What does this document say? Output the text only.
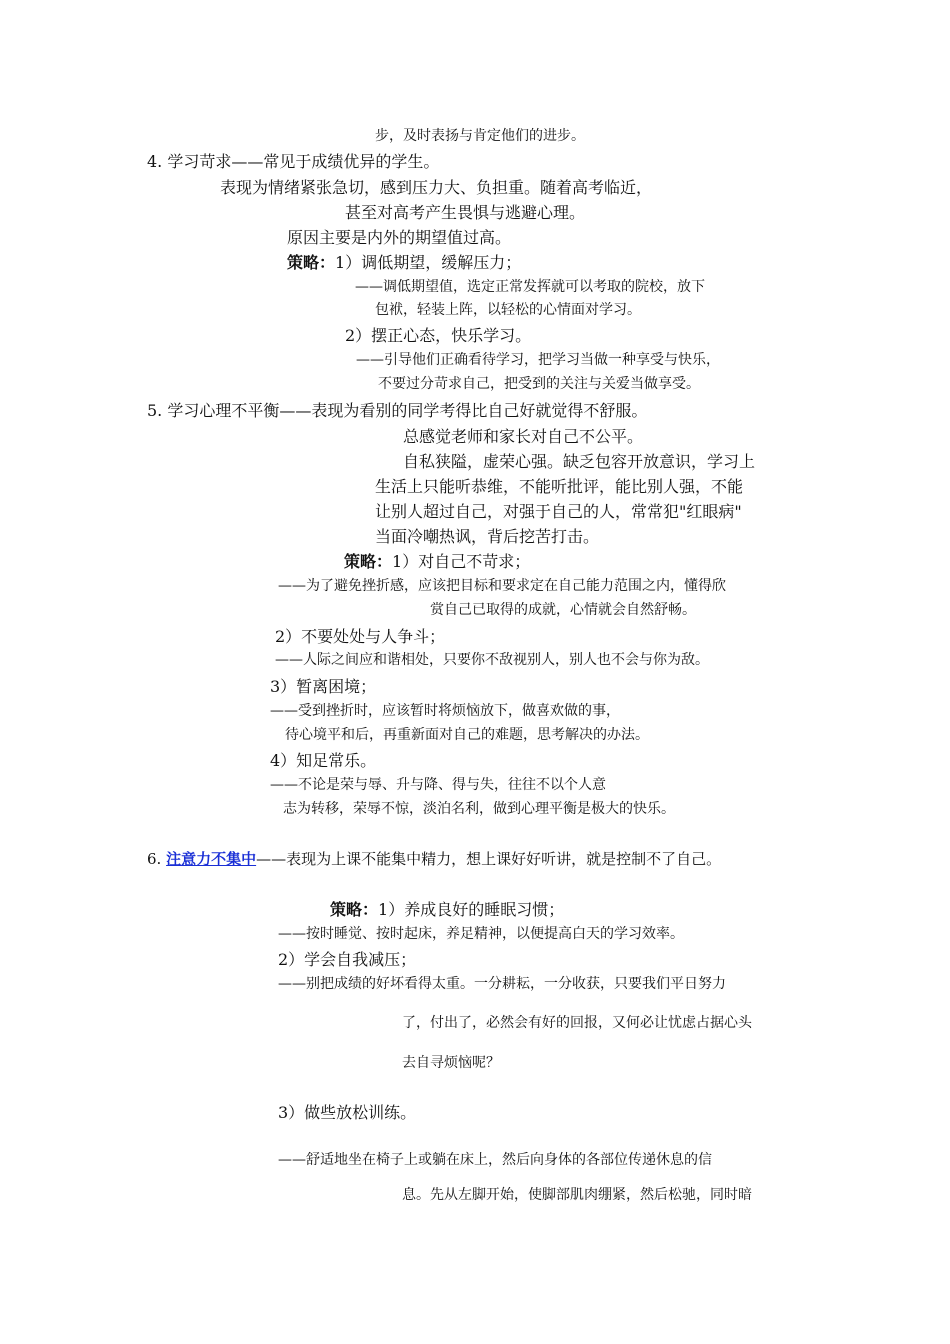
步，及时表扬与肯定他们的进步。
4. 学习苛求——常见于成绩优异的学生。
表现为情绪紧张急切，感到压力大、负担重。随着高考临近，
甚至对高考产生畏惧与逃避心理。
原因主要是内外的期望值过高。
策略：1）调低期望，缓解压力；
——调低期望值，选定正常发挥就可以考取的院校，放下
包袱，轻装上阵，以轻松的心情面对学习。
2）摆正心态，快乐学习。
——引导他们正确看待学习，把学习当做一种享受与快乐，
不要过分苛求自己，把受到的关注与关爱当做享受。
5. 学习心理不平衡——表现为看别的同学考得比自己好就觉得不舒服。
总感觉老师和家长对自己不公平。
自私狭隘，虚荣心强。缺乏包容开放意识，学习上
生活上只能听恭维，不能听批评，能比别人强，不能
让别人超过自己，对强于自己的人，常常犯"红眼病"
当面冷嘲热讽，背后挖苦打击。
策略：1）对自己不苛求；
——为了避免挫折感，应该把目标和要求定在自己能力范围之内，懂得欣
赏自己已取得的成就，心情就会自然舒畅。
2）不要处处与人争斗；
——人际之间应和谐相处，只要你不敌视别人，别人也不会与你为敌。
3）暂离困境；
——受到挫折时，应该暂时将烦恼放下，做喜欢做的事，
待心境平和后，再重新面对自己的难题，思考解决的办法。
4）知足常乐。
——不论是荣与辱、升与降、得与失，往往不以个人意
志为转移，荣辱不惊，淡泊名利，做到心理平衡是极大的快乐。
6. 注意力不集中——表现为上课不能集中精力，想上课好好听讲，就是控制不了自己。
策略：1）养成良好的睡眠习惯；
——按时睡觉、按时起床，养足精神，以便提高白天的学习效率。
2）学会自我减压；
——别把成绩的好坏看得太重。一分耕耘，一分收获，只要我们平日努力
了，付出了，必然会有好的回报，又何必让忧虑占据心头
去自寻烦恼呢？
3）做些放松训练。
——舒适地坐在椅子上或躺在床上，然后向身体的各部位传递休息的信
息。先从左脚开始，使脚部肌肉绷紧，然后松驰，同时暗
